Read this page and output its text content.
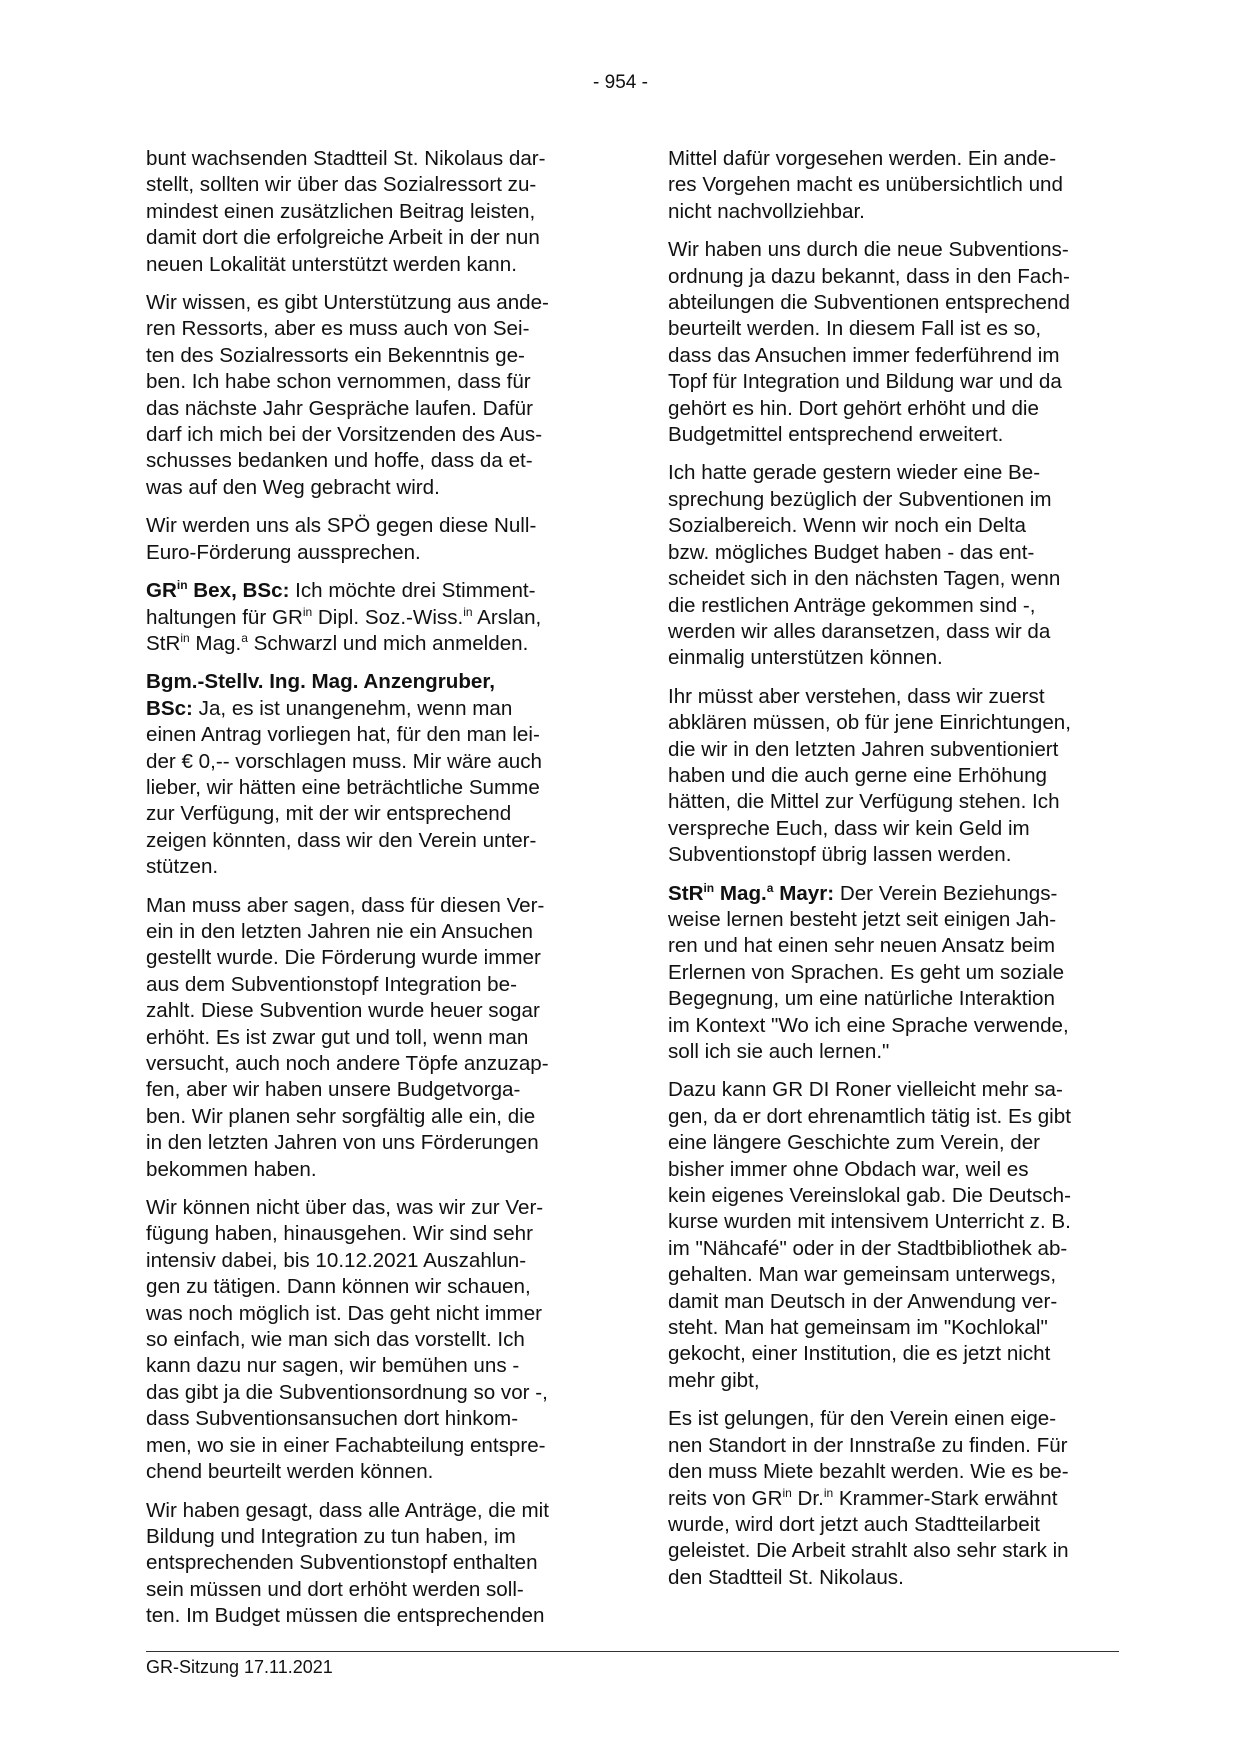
- 954 -

bunt wachsenden Stadtteil St. Nikolaus dar-
stellt, sollten wir über das Sozialressort zu-
mindest einen zusätzlichen Beitrag leisten,
damit dort die erfolgreiche Arbeit in der nun
neuen Lokalität unterstützt werden kann.

Wir wissen, es gibt Unterstützung aus ande-
ren Ressorts, aber es muss auch von Sei-
ten des Sozialressorts ein Bekenntnis ge-
ben. Ich habe schon vernommen, dass für
das nächste Jahr Gespräche laufen. Dafür
darf ich mich bei der Vorsitzenden des Aus-
schusses bedanken und hoffe, dass da et-
was auf den Weg gebracht wird.

Wir werden uns als SPÖ gegen diese Null-
Euro-Förderung aussprechen.

$GR^{in}$ Bex, BSc: Ich möchte drei Stimment-
haltungen für $GR^{in}$ Dipl. Soz.-Wiss.$^{in}$ Arslan,
StR$^{in}$ Mag.$^a$ Schwarzl und mich anmelden.

Bgm.-Stellv. Ing. Mag. Anzengruber,
BSc: Ja, es ist unangenehm, wenn man
einen Antrag vorliegen hat, für den man lei-
der € 0,-- vorschlagen muss. Mir wäre auch
lieber, wir hätten eine beträchtliche Summe
zur Verfügung, mit der wir entsprechend
zeigen könnten, dass wir den Verein unter-
stützen.

Man muss aber sagen, dass für diesen Ver-
ein in den letzten Jahren nie ein Ansuchen
gestellt wurde. Die Förderung wurde immer
aus dem Subventionstopf Integration be-
zahlt. Diese Subvention wurde heuer sogar
erhöht. Es ist zwar gut und toll, wenn man
versucht, auch noch andere Töpfe anzuzap-
fen, aber wir haben unsere Budgetvorga-
ben. Wir planen sehr sorgfältig alle ein, die
in den letzten Jahren von uns Förderungen
bekommen haben.

Wir können nicht über das, was wir zur Ver-
fügung haben, hinausgehen. Wir sind sehr
intensiv dabei, bis 10.12.2021 Auszahlun-
gen zu tätigen. Dann können wir schauen,
was noch möglich ist. Das geht nicht immer
so einfach, wie man sich das vorstellt. Ich
kann dazu nur sagen, wir bemühen uns -
das gibt ja die Subventionsordnung so vor -,
dass Subventionsansuchen dort hinkom-
men, wo sie in einer Fachabteilung entspre-
chend beurteilt werden können.

Wir haben gesagt, dass alle Anträge, die mit
Bildung und Integration zu tun haben, im
entsprechenden Subventionstopf enthalten
sein müssen und dort erhöht werden soll-
ten. Im Budget müssen die entsprechenden

Mittel dafür vorgesehen werden. Ein ande-
res Vorgehen macht es unübersichtlich und
nicht nachvollziehbar.

Wir haben uns durch die neue Subventions-
ordnung ja dazu bekannt, dass in den Fach-
abteilungen die Subventionen entsprechend
beurteilt werden. In diesem Fall ist es so,
dass das Ansuchen immer federführend im
Topf für Integration und Bildung war und da
gehört es hin. Dort gehört erhöht und die
Budgetmittel entsprechend erweitert.

Ich hatte gerade gestern wieder eine Be-
sprechung bezüglich der Subventionen im
Sozialbereich. Wenn wir noch ein Delta
bzw. mögliches Budget haben - das ent-
scheidet sich in den nächsten Tagen, wenn
die restlichen Anträge gekommen sind -,
werden wir alles daransetzen, dass wir da
einmalig unterstützen können.

Ihr müsst aber verstehen, dass wir zuerst
abklären müssen, ob für jene Einrichtungen,
die wir in den letzten Jahren subventioniert
haben und die auch gerne eine Erhöhung
hätten, die Mittel zur Verfügung stehen. Ich
verspreche Euch, dass wir kein Geld im
Subventionstopf übrig lassen werden.

StR$^{in}$ Mag.$^a$ Mayr: Der Verein Beziehungs-
weise lernen besteht jetzt seit einigen Jah-
ren und hat einen sehr neuen Ansatz beim
Erlernen von Sprachen. Es geht um soziale
Begegnung, um eine natürliche Interaktion
im Kontext "Wo ich eine Sprache verwende,
soll ich sie auch lernen."

Dazu kann GR DI Roner vielleicht mehr sa-
gen, da er dort ehrenamtlich tätig ist. Es gibt
eine längere Geschichte zum Verein, der
bisher immer ohne Obdach war, weil es
kein eigenes Vereinslokal gab. Die Deutsch-
kurse wurden mit intensivem Unterricht z. B.
im "Nähcafé" oder in der Stadtbibliothek ab-
gehalten. Man war gemeinsam unterwegs,
damit man Deutsch in der Anwendung ver-
steht. Man hat gemeinsam im "Kochlokal"
gekocht, einer Institution, die es jetzt nicht
mehr gibt,

Es ist gelungen, für den Verein einen eige-
nen Standort in der Innstraße zu finden. Für
den muss Miete bezahlt werden. Wie es be-
reits von $GR^{in}$ Dr.$^{in}$ Krammer-Stark erwähnt
wurde, wird dort jetzt auch Stadtteilarbeit
geleistet. Die Arbeit strahlt also sehr stark in
den Stadtteil St. Nikolaus.

GR-Sitzung 17.11.2021
